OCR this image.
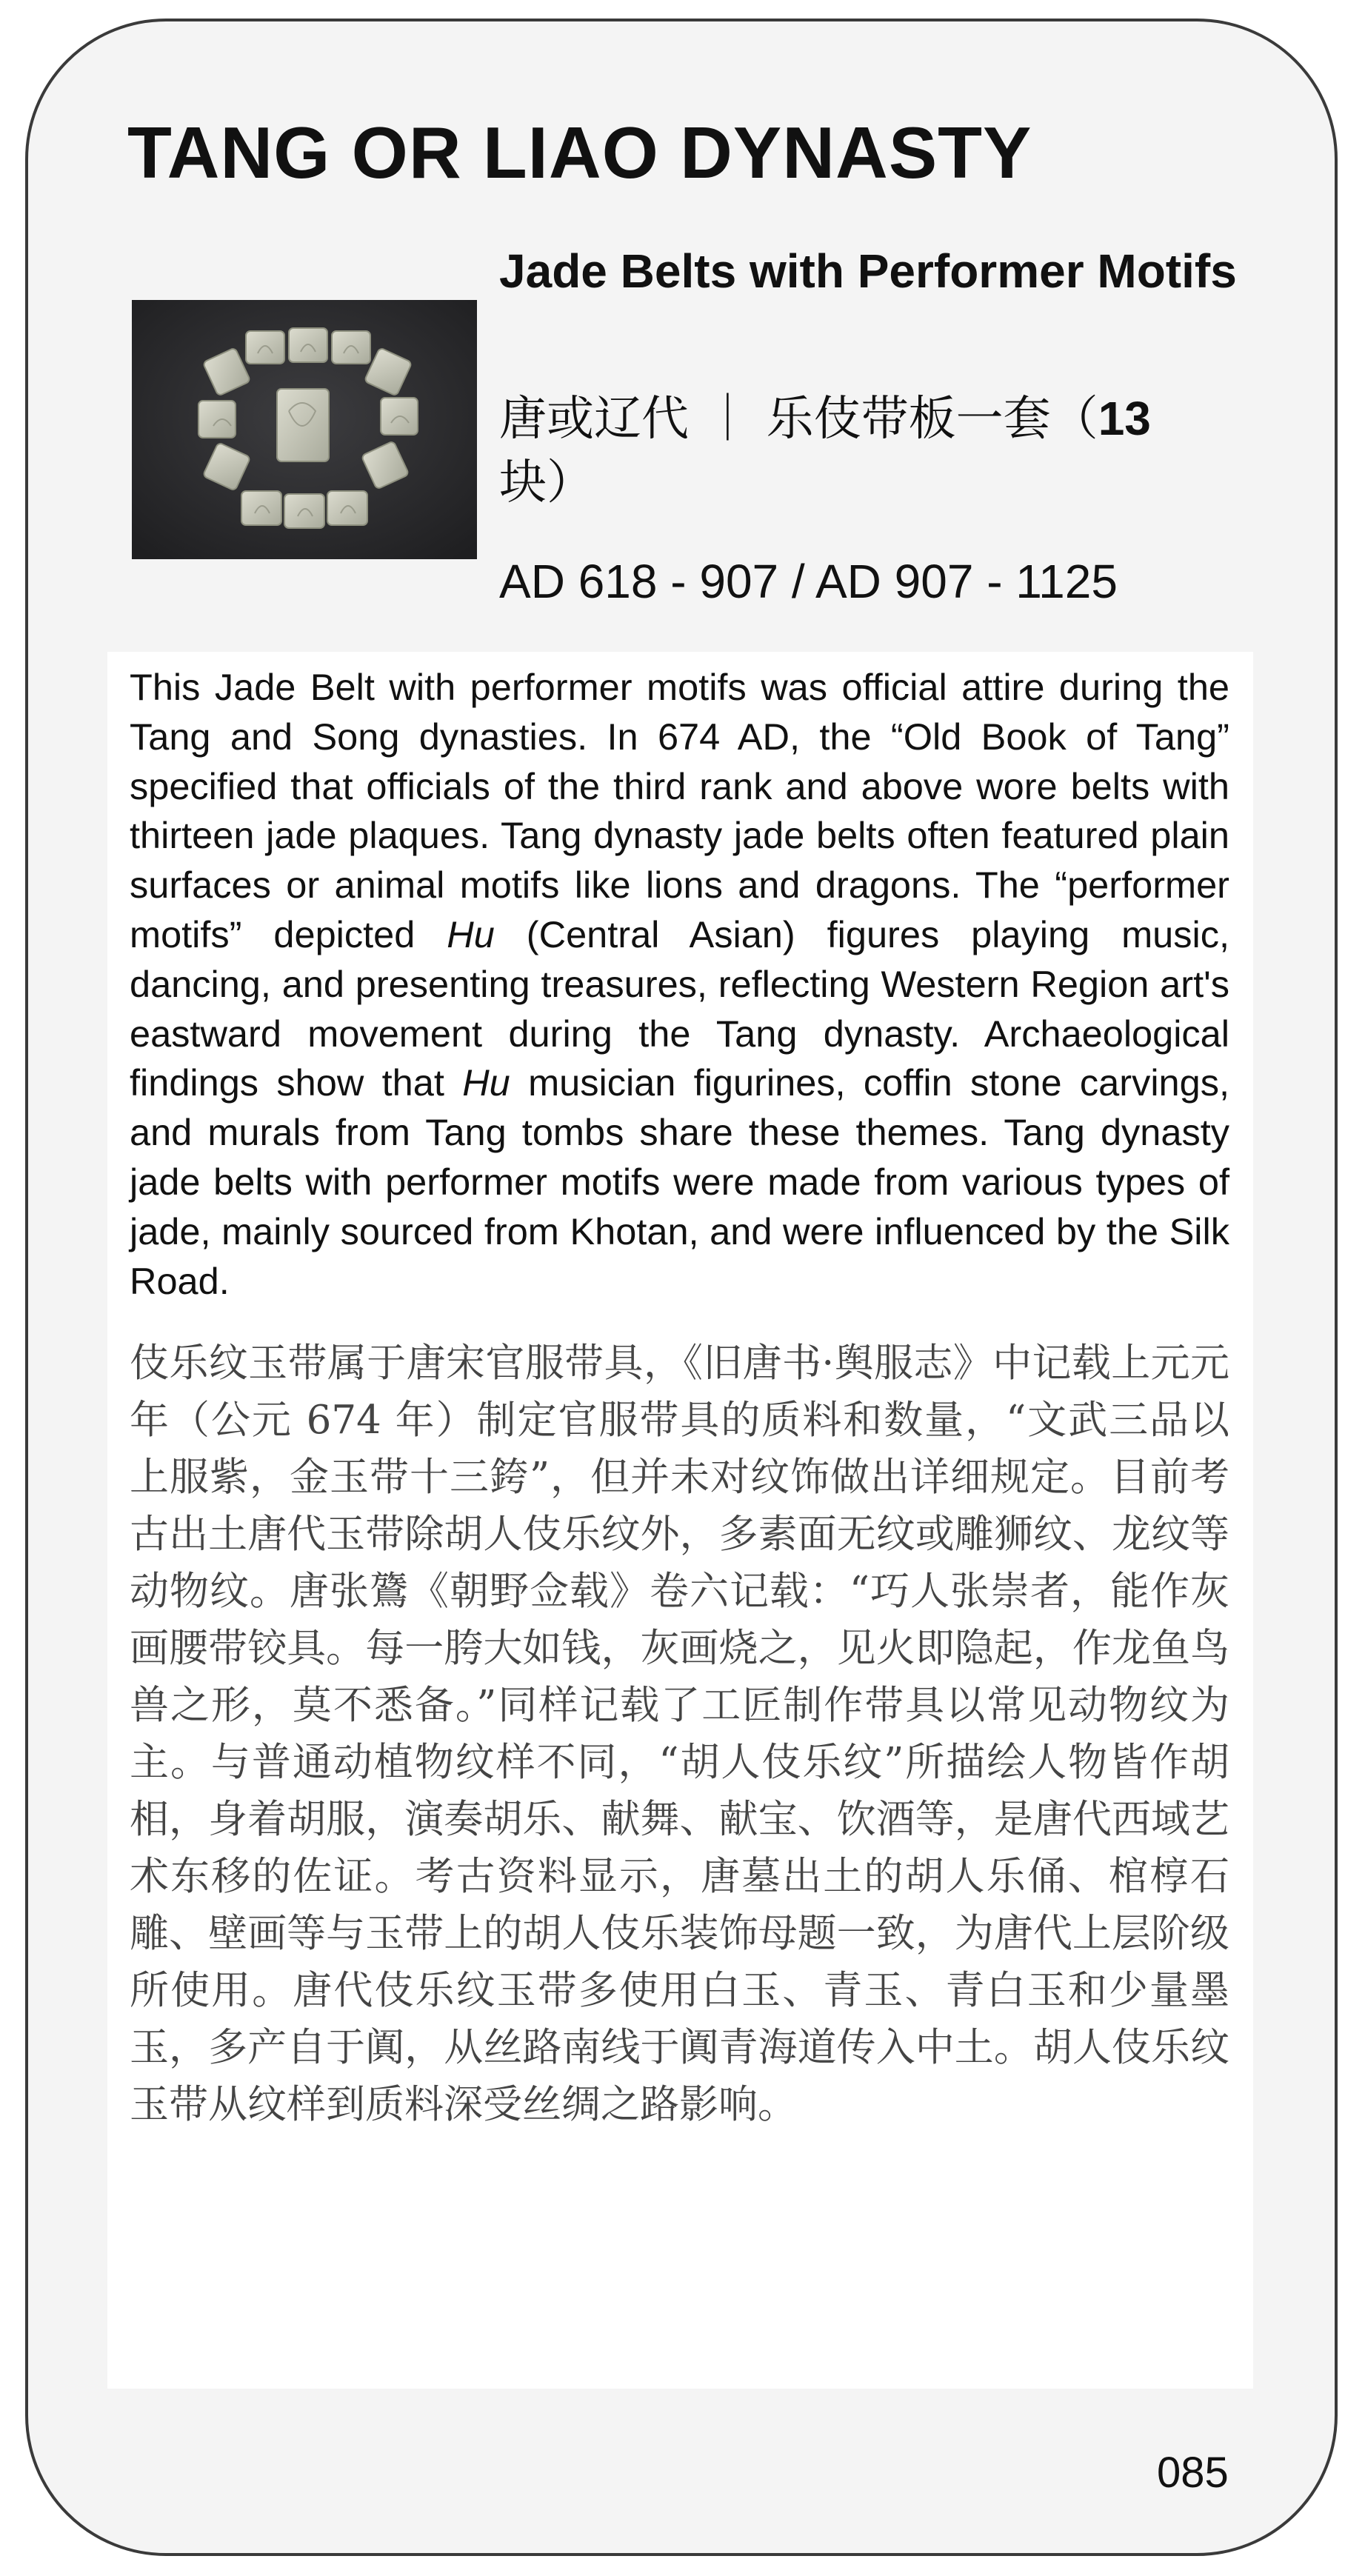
TANG OR LIAO DYNASTY
Jade Belts with Performer Motifs
唐或辽代 ｜ 乐伎带板一套（13块）
AD 618 - 907 / AD 907 - 1125
This Jade Belt with performer motifs was official attire during the Tang and Song dynasties. In 674 AD, the “Old Book of Tang” specified that officials of the third rank and above wore belts with thirteen jade plaques. Tang dynasty jade belts often featured plain surfaces or animal motifs like lions and dragons. The “performer motifs” depicted Hu (Central Asian) figures playing music, dancing, and presenting treasures, reflecting Western Region art's eastward movement during the Tang dynasty. Archaeological findings show that Hu musician figurines, coffin stone carvings, and murals from Tang tombs share these themes. Tang dynasty jade belts with performer motifs were made from various types of jade, mainly sourced from Khotan, and were influenced by the Silk Road.
伎乐纹玉带属于唐宋官服带具，《旧唐书·舆服志》中记载上元元年（公元 674 年）制定官服带具的质料和数量，“文武三品以上服紫，金玉带十三銙”，但并未对纹饰做出详细规定。目前考古出土唐代玉带除胡人伎乐纹外，多素面无纹或雕狮纹、龙纹等动物纹。唐张鷟《朝野佥载》卷六记载：“巧人张崇者，能作灰画腰带铰具。每一胯大如钱，灰画烧之，见火即隐起，作龙鱼鸟兽之形，莫不悉备。”同样记载了工匠制作带具以常见动物纹为主。与普通动植物纹样不同，“胡人伎乐纹”所描绘人物皆作胡相，身着胡服，演奏胡乐、献舞、献宝、饮酒等，是唐代西域艺术东移的佐证。考古资料显示，唐墓出土的胡人乐俑、棺椁石雕、壁画等与玉带上的胡人伎乐装饰母题一致，为唐代上层阶级所使用。唐代伎乐纹玉带多使用白玉、青玉、青白玉和少量墨玉，多产自于阗，从丝路南线于阗青海道传入中土。胡人伎乐纹玉带从纹样到质料深受丝绸之路影响。
085
